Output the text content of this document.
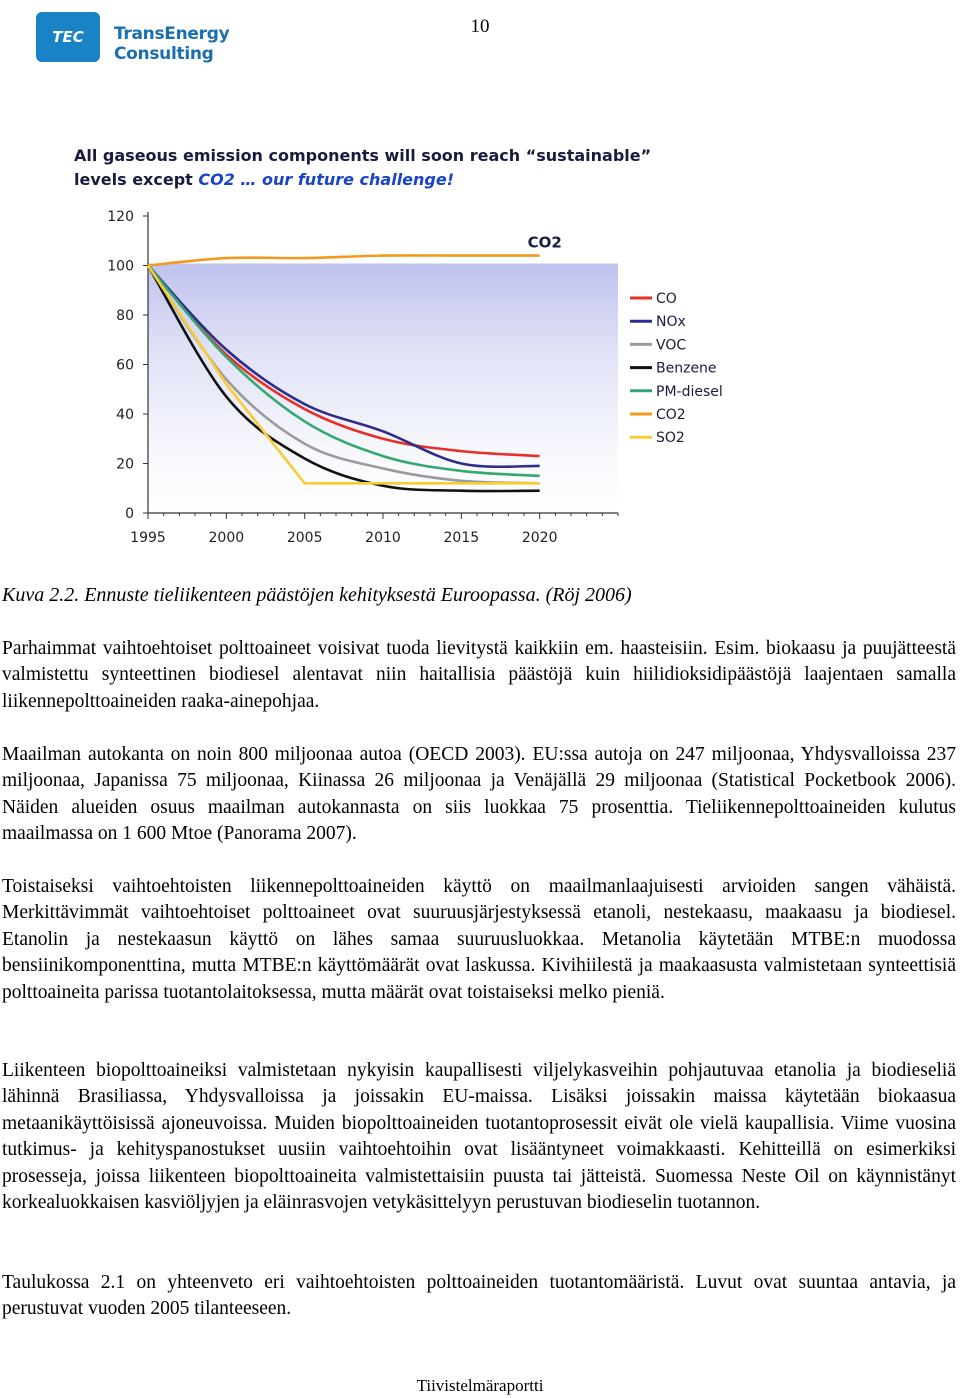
10
TEC	TransEnergy Consulting
0
20
40
60
80
100
120
1995	2000	2005	2010	2015	2020
CO2
CO
NOx
VOC
Benzene
PM-diesel
CO2
SO2
All gaseous emission components will soon reach “sustainable”
levels except CO2 … our future challenge!
Kuva 2.2. Ennuste tieliikenteen päästöjen kehityksestä Euroopassa. (Röj 2006)

Parhaimmat vaihtoehtoiset polttoaineet voisivat tuoda lievitystä kaikkiin em. haasteisiin. Esim. biokaasu ja puujätteestä valmistettu synteettinen biodiesel alentavat niin haitallisia päästöjä kuin hiilidioksidipäästöjä laajentaen samalla liikennepolttoaineiden raaka-ainepohjaa.

Maailman autokanta on noin 800 miljoonaa autoa (OECD 2003). EU:ssa autoja on 247 miljoonaa, Yhdysvalloissa 237 miljoonaa, Japanissa 75 miljoonaa, Kiinassa 26 miljoonaa ja Venäjällä 29 miljoonaa (Statistical Pocketbook 2006). Näiden alueiden osuus maailman autokannasta on siis luokkaa 75 prosenttia. Tieliikennepolttoaineiden kulutus maailmassa on 1 600 Mtoe (Panorama 2007).

Toistaiseksi vaihtoehtoisten liikennepolttoaineiden käyttö on maailmanlaajuisesti arvioiden sangen vähäistä. Merkittävimmät vaihtoehtoiset polttoaineet ovat suuruusjärjestyksessä etanoli, nestekaasu, maakaasu ja biodiesel. Etanolin ja nestekaasun käyttö on lähes samaa suuruusluokkaa. Metanolia käytetään MTBE:n muodossa bensiinikomponenttina, mutta MTBE:n käyttömäärät ovat laskussa. Kivihiilestä ja maakaasusta valmistetaan synteettisiä polttoaineita parissa tuotantolaitoksessa, mutta määrät ovat toistaiseksi melko pieniä.

Liikenteen biopolttoaineiksi valmistetaan nykyisin kaupallisesti viljelykasveihin pohjautuvaa etanolia ja biodieseliä lähinnä Brasiliassa, Yhdysvalloissa ja joissakin EU-maissa. Lisäksi joissakin maissa käytetään biokaasua metaanikäyttöisissä ajoneuvoissa. Muiden biopolttoaineiden tuotantoprosessit eivät ole vielä kaupallisia. Viime vuosina tutkimus- ja kehityspanostukset uusiin vaihtoehtoihin ovat lisääntyneet voimakkaasti. Kehitteillä on esimerkiksi prosesseja, joissa liikenteen biopolttoaineita valmistettaisiin puusta tai jätteistä. Suomessa Neste Oil on käynnistänyt korkealuokkaisen kasviöljyjen ja eläinrasvojen vetykäsittelyyn perustuvan biodieselin tuotannon.

Taulukossa 2.1 on yhteenveto eri vaihtoehtoisten polttoaineiden tuotantomääristä. Luvut ovat suuntaa antavia, ja perustuvat vuoden 2005 tilanteeseen.

Tiivistelmäraportti
